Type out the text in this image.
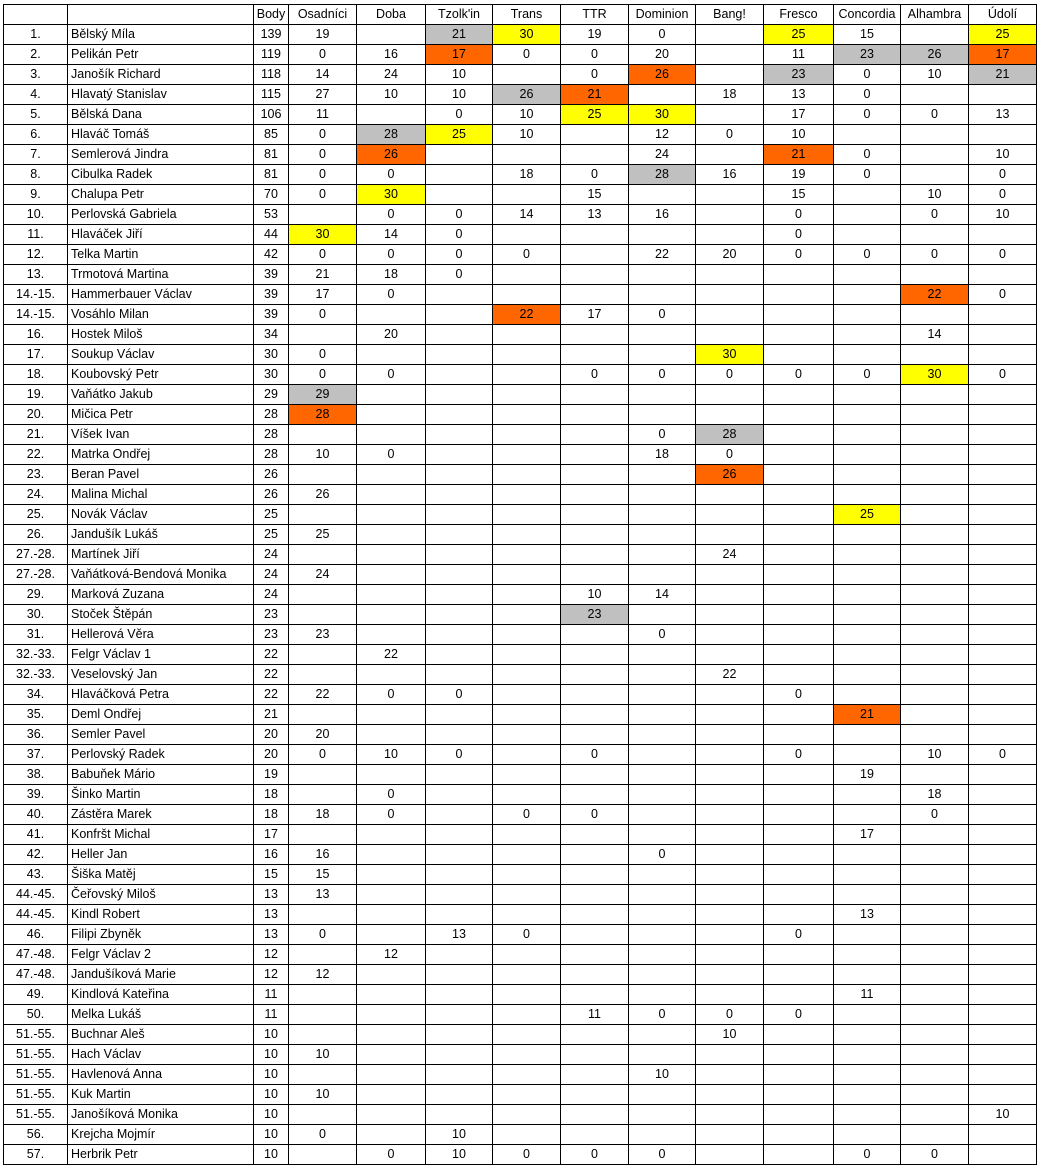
		Body	Osadníci	Doba	Tzolk'in	Trans	TTR	Dominion	Bang!	Fresco	Concordia	Alhambra	Údolí
1.	Bělský Míla	139	19		21	30	19	0		25	15		25
2.	Pelikán Petr	119	0	16	17	0	0	20		11	23	26	17
3.	Janošík Richard	118	14	24	10		0	26		23	0	10	21
4.	Hlavatý Stanislav	115	27	10	10	26	21		18	13	0		
5.	Bělská Dana	106	11		0	10	25	30		17	0	0	13
6.	Hlaváč Tomáš	85	0	28	25	10		12	0	10			
7.	Semlerová Jindra	81	0	26				24		21	0		10
8.	Cibulka Radek	81	0	0		18	0	28	16	19	0		0
9.	Chalupa Petr	70	0	30			15			15		10	0
10.	Perlovská Gabriela	53		0	0	14	13	16		0		0	10
11.	Hlaváček Jiří	44	30	14	0					0			
12.	Telka Martin	42	0	0	0	0		22	20	0	0	0	0
13.	Trmotová Martina	39	21	18	0								
14.-15.	Hammerbauer Václav	39	17	0								22	0
14.-15.	Vosáhlo Milan	39	0			22	17	0					
16.	Hostek Miloš	34		20								14	
17.	Soukup Václav	30	0						30				
18.	Koubovský Petr	30	0	0			0	0	0	0	0	30	0
19.	Vaňátko Jakub	29	29										
20.	Mičica Petr	28	28										
21.	Víšek Ivan	28						0	28				
22.	Matrka Ondřej	28	10	0				18	0				
23.	Beran Pavel	26							26				
24.	Malina Michal	26	26										
25.	Novák Václav	25									25		
26.	Jandušík Lukáš	25	25										
27.-28.	Martínek Jiří	24							24				
27.-28.	Vaňátková-Bendová Monika	24	24										
29.	Marková Zuzana	24					10	14					
30.	Stoček Štěpán	23					23						
31.	Hellerová Věra	23	23					0					
32.-33.	Felgr Václav 1	22		22									
32.-33.	Veselovský Jan	22							22				
34.	Hlaváčková Petra	22	22	0	0					0			
35.	Deml Ondřej	21									21		
36.	Semler Pavel	20	20										
37.	Perlovský Radek	20	0	10	0		0			0		10	0
38.	Babuňek Mário	19									19		
39.	Šinko Martin	18		0								18	
40.	Zástěra Marek	18	18	0		0	0					0	
41.	Konfršt Michal	17									17		
42.	Heller Jan	16	16					0					
43.	Šiška Matěj	15	15										
44.-45.	Čeřovský Miloš	13	13										
44.-45.	Kindl Robert	13									13		
46.	Filipi Zbyněk	13	0		13	0				0			
47.-48.	Felgr Václav 2	12		12									
47.-48.	Jandušíková Marie	12	12										
49.	Kindlová Kateřina	11									11		
50.	Melka Lukáš	11					11	0	0	0			
51.-55.	Buchnar Aleš	10							10				
51.-55.	Hach Václav	10	10										
51.-55.	Havlenová Anna	10						10					
51.-55.	Kuk Martin	10	10										
51.-55.	Janošíková Monika	10											10
56.	Krejcha Mojmír	10	0		10								
57.	Herbrik Petr	10		0	10	0	0	0			0	0	
